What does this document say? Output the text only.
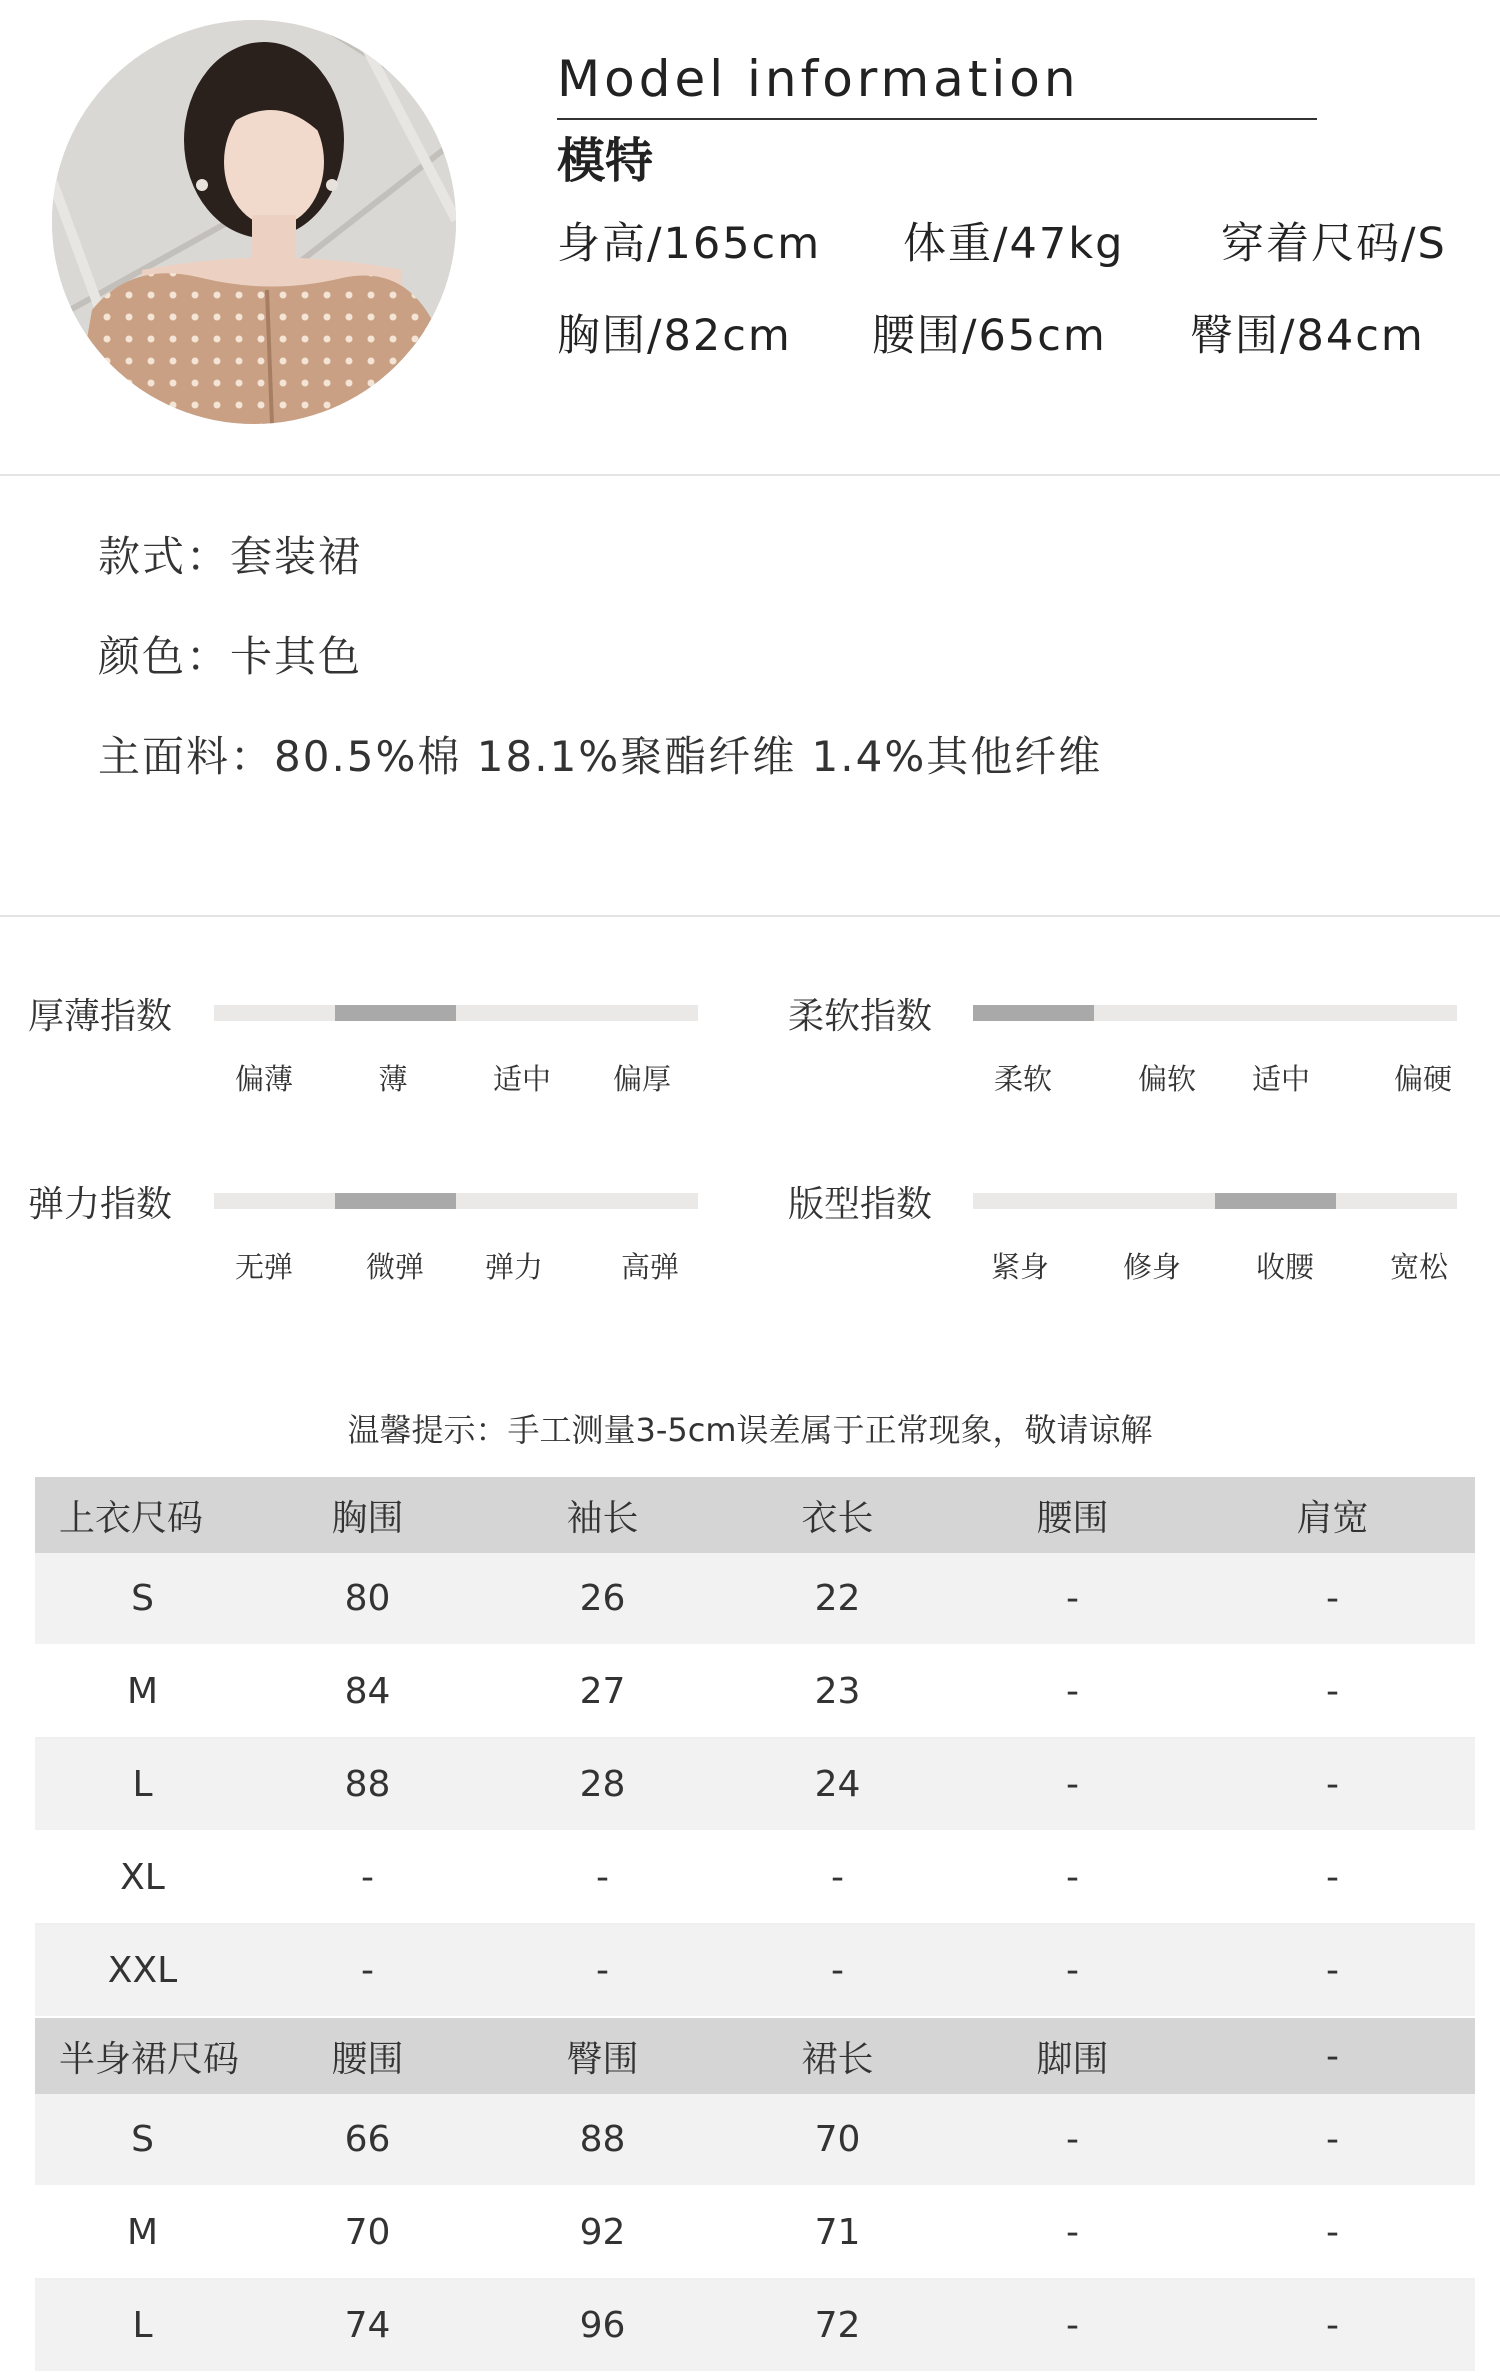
Model information
模特
身高/165cm 体重/47kg 穿着尺码/S
胸围/82cm 腰围/65cm 臀围/84cm
款式：套装裙
颜色：卡其色
主面料：80.5%棉 18.1%聚酯纤维 1.4%其他纤维
厚薄指数
偏薄	薄	适中 偏厚
柔软指数
柔软	偏软 适中	偏硬
弹力指数
无弹	微弹 弹力	高弹
版型指数
紧身	修身	收腰	宽松
温馨提示：手工测量3-5cm误差属于正常现象，敬请谅解
上衣尺码	胸围	袖长	衣长	腰围	肩宽
S	80	26	22	-	-
M	84	27	23	-	-
L	88	28	24	-	-
XL	-	-	-	-	-
XXL	-	-	-	-	-
半身裙尺码	腰围	臀围	裙长	脚围	-
S	66	88	70	-	-
M	70	92	71	-	-
L	74	96	72	-	-
